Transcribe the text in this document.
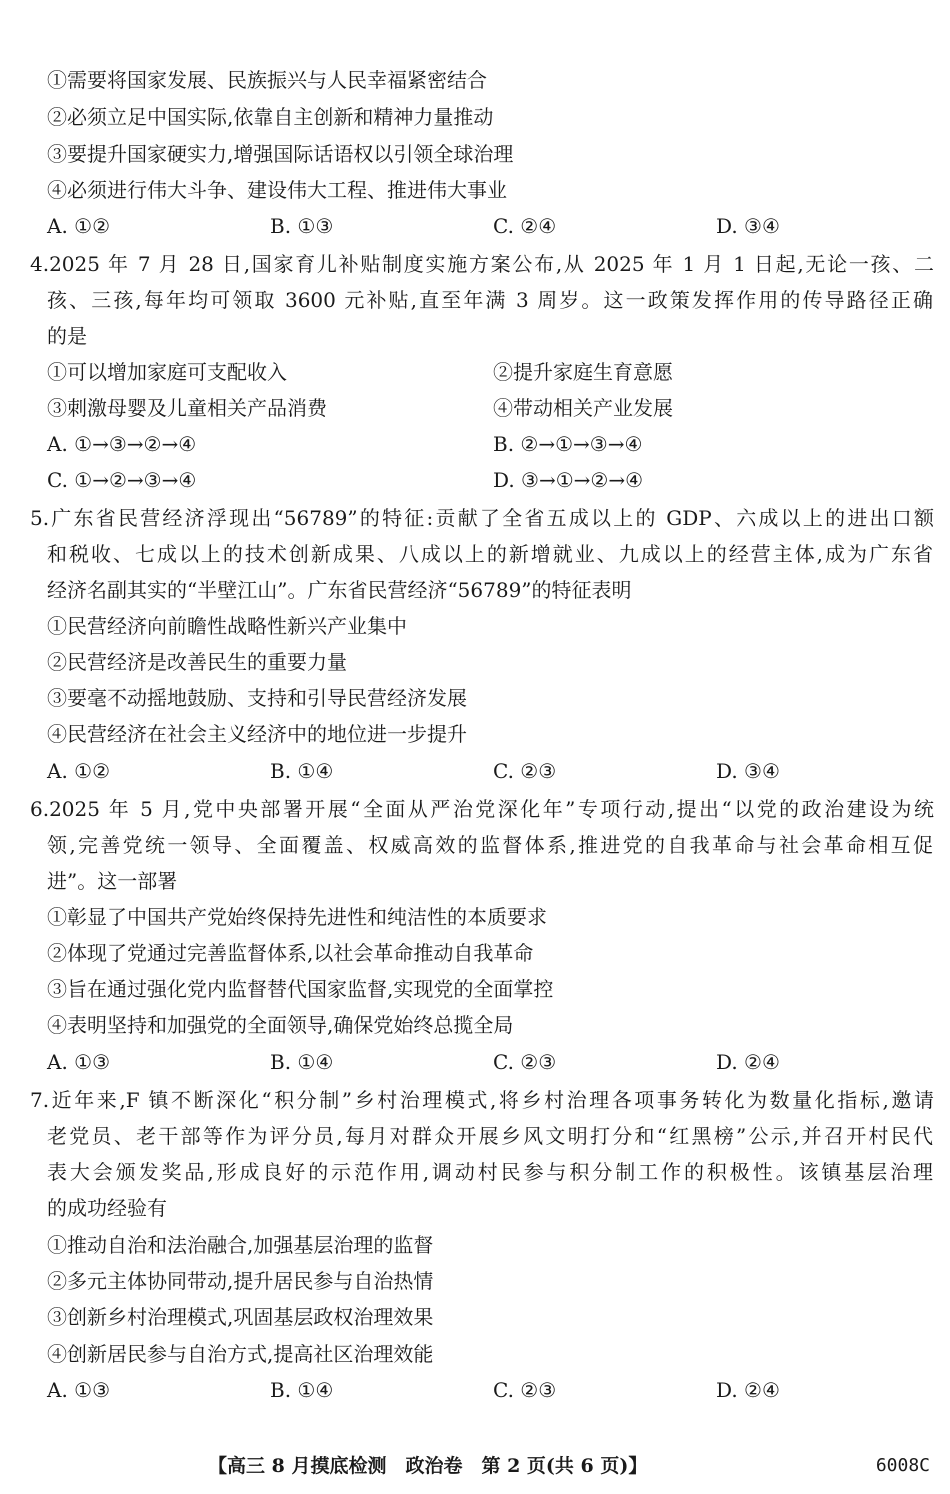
①需要将国家发展、民族振兴与人民幸福紧密结合
②必须立足中国实际,依靠自主创新和精神力量推动
③要提升国家硬实力,增强国际话语权以引领全球治理
④必须进行伟大斗争、建设伟大工程、推进伟大事业
A. ①②	B. ①③	C. ②④	D. ③④
4.2025 年 7 月 28 日,国家育儿补贴制度实施方案公布,从 2025 年 1 月 1 日起,无论一孩、二
孩、三孩,每年均可领取 3600 元补贴,直至年满 3 周岁。这一政策发挥作用的传导路径正确
的是
①可以增加家庭可支配收入	②提升家庭生育意愿
③刺激母婴及儿童相关产品消费	④带动相关产业发展
A. ①→③→②→④	B. ②→①→③→④
C. ①→②→③→④	D. ③→①→②→④
5.广东省民营经济浮现出“56789”的特征:贡献了全省五成以上的 GDP、六成以上的进出口额
和税收、七成以上的技术创新成果、八成以上的新增就业、九成以上的经营主体,成为广东省
经济名副其实的“半壁江山”。广东省民营经济“56789”的特征表明
①民营经济向前瞻性战略性新兴产业集中
②民营经济是改善民生的重要力量
③要毫不动摇地鼓励、支持和引导民营经济发展
④民营经济在社会主义经济中的地位进一步提升
A. ①②	B. ①④	C. ②③	D. ③④
6.2025 年 5 月,党中央部署开展“全面从严治党深化年”专项行动,提出“以党的政治建设为统
领,完善党统一领导、全面覆盖、权威高效的监督体系,推进党的自我革命与社会革命相互促
进”。这一部署
①彰显了中国共产党始终保持先进性和纯洁性的本质要求
②体现了党通过完善监督体系,以社会革命推动自我革命
③旨在通过强化党内监督替代国家监督,实现党的全面掌控
④表明坚持和加强党的全面领导,确保党始终总揽全局
A. ①③	B. ①④	C. ②③	D. ②④
7.近年来,F 镇不断深化“积分制”乡村治理模式,将乡村治理各项事务转化为数量化指标,邀请
老党员、老干部等作为评分员,每月对群众开展乡风文明打分和“红黑榜”公示,并召开村民代
表大会颁发奖品,形成良好的示范作用,调动村民参与积分制工作的积极性。该镇基层治理
的成功经验有
①推动自治和法治融合,加强基层治理的监督
②多元主体协同带动,提升居民参与自治热情
③创新乡村治理模式,巩固基层政权治理效果
④创新居民参与自治方式,提高社区治理效能
A. ①③	B. ①④	C. ②③	D. ②④
【高三 8 月摸底检测　政治卷　第 2 页(共 6 页)】	6008C
